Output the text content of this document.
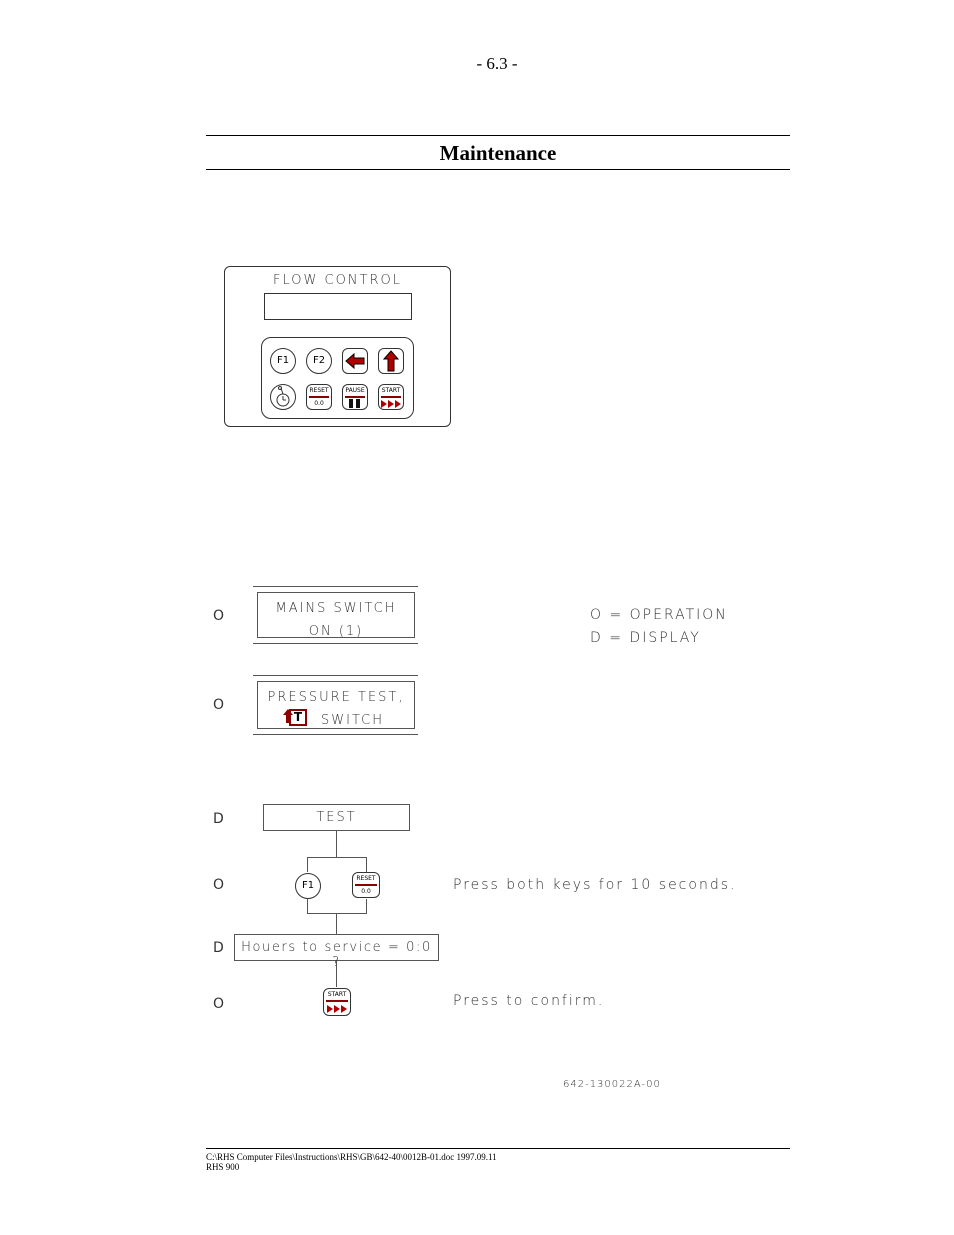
- 6.3 -
Maintenance
FLOW CONTROL
F1	F2
RESET
0.0
PAUSE	START
O	MAINS SWITCH
ON (1)
O = OPERATION
D = DISPLAY
O	PRESSURE TEST,
T SWITCH
D	TEST
O	F1
RESET
0.0	Press both keys for 10 seconds.
D	Houers to service = 0:0 ?
O
START	Press to confirm.
642-130022A-00
C:\RHS Computer Files\Instructions\RHS\GB\642-40\0012B-01.doc 1997.09.11
RHS 900
